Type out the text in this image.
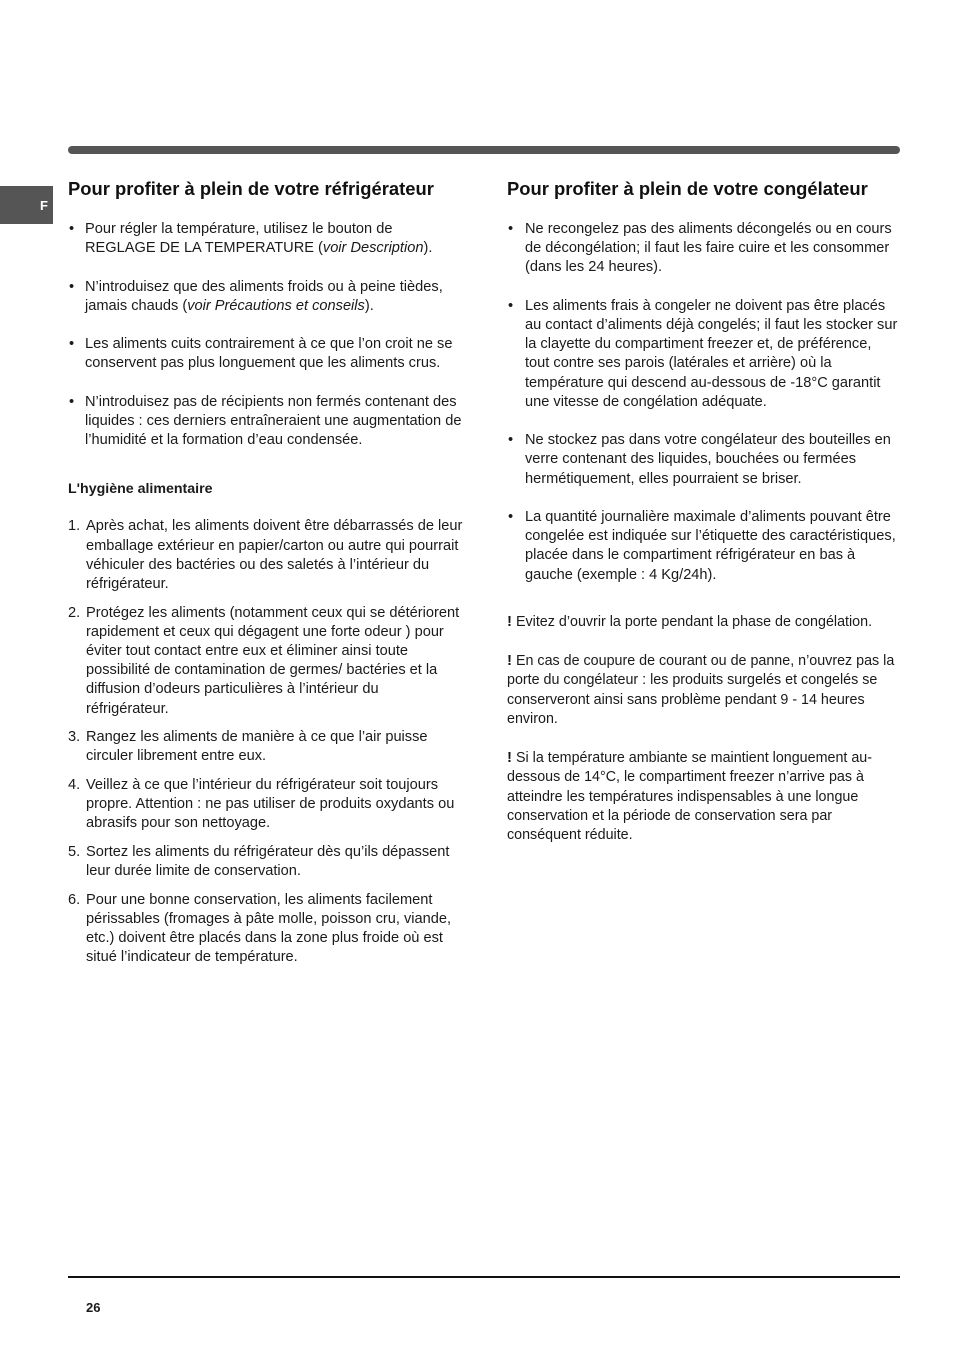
F
Pour profiter à plein de votre réfrigérateur
• Pour régler la température, utilisez le bouton de REGLAGE DE LA TEMPERATURE (voir Description).
• N’introduisez que des aliments froids ou à peine tièdes, jamais chauds (voir Précautions et conseils).
• Les aliments cuits contrairement à ce que l’on croit ne se conservent pas plus longuement que les aliments crus.
• N’introduisez pas de récipients non fermés contenant des liquides : ces derniers entraîneraient une augmentation de l’humidité et la formation d’eau condensée.
L'hygiène alimentaire
1. Après achat, les aliments doivent être débarrassés de leur emballage extérieur en papier/carton ou autre qui pourrait véhiculer des bactéries ou des saletés à l’intérieur du réfrigérateur.
2. Protégez les aliments (notamment ceux qui se détériorent rapidement et ceux qui dégagent une forte odeur ) pour éviter tout contact entre eux et éliminer ainsi toute possibilité de contamination de germes/ bactéries et la diffusion d’odeurs particulières à l’intérieur du réfrigérateur.
3. Rangez les aliments de manière à ce que l’air puisse circuler librement entre eux.
4. Veillez à ce que l’intérieur du réfrigérateur soit toujours propre. Attention : ne pas utiliser de produits oxydants ou abrasifs pour son nettoyage.
5. Sortez les aliments du réfrigérateur dès qu’ils dépassent leur durée limite de conservation.
6. Pour une bonne conservation, les aliments facilement périssables (fromages à pâte molle, poisson cru, viande, etc.) doivent être placés dans la zone plus froide où est situé l’indicateur de température.
Pour profiter à plein de votre congélateur
• Ne recongelez pas des aliments décongelés ou en cours de décongélation; il faut les faire cuire et les consommer (dans les 24 heures).
• Les aliments frais à congeler ne doivent pas être placés au contact d’aliments déjà congelés; il faut les stocker sur la clayette du compartiment freezer et, de préférence, tout contre ses parois (latérales et arrière) où la température qui descend au-dessous de -18°C garantit une vitesse de congélation adéquate.
• Ne stockez pas dans votre congélateur des bouteilles en verre contenant des liquides, bouchées ou fermées hermétiquement, elles pourraient se briser.
• La quantité journalière maximale d’aliments pouvant être congelée est indiquée sur l’étiquette des caractéristiques, placée dans le compartiment réfrigérateur en bas à gauche (exemple : 4 Kg/24h).

! Evitez d’ouvrir la porte pendant la phase de congélation.

! En cas de coupure de courant ou de panne, n’ouvrez pas la porte du congélateur : les produits surgelés et congelés se conserveront ainsi sans problème pendant 9 - 14 heures environ.

! Si la température ambiante se maintient longuement au-dessous de 14°C, le compartiment freezer n’arrive pas à atteindre les températures indispensables à une longue conservation et la période de conservation sera par conséquent réduite.

26
